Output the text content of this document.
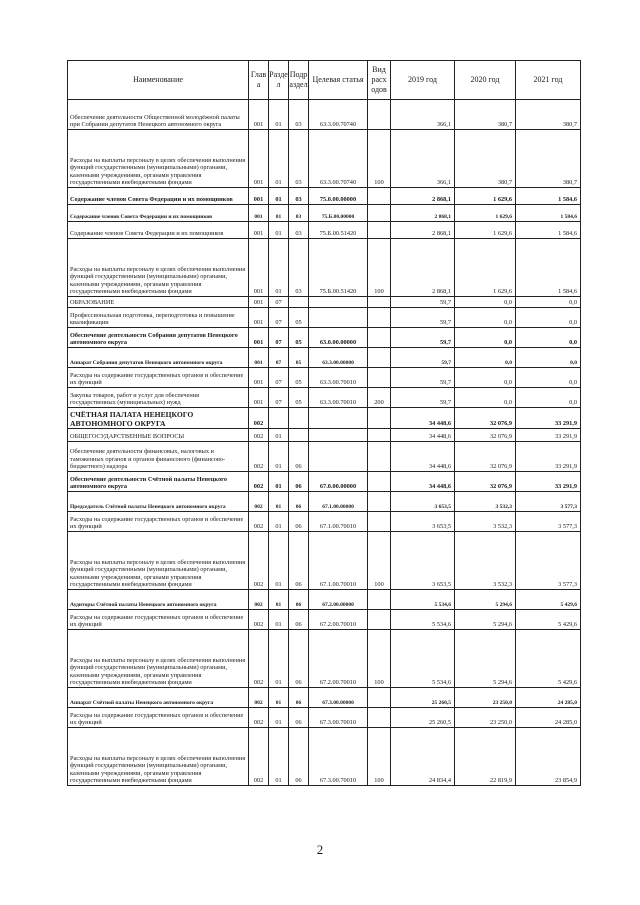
Наименование	Глав а	Разде л	Подр аздел	Целевая статья	Вид расх одов	2019 год	2020 год	2021 год
Обеспечение деятельности Общественной молодёжной палаты при Собрании депутатов Ненецкого автономного округа	001	01	03	63.3.00.70740		366,1	380,7	380,7
Расходы на выплаты персоналу в целях обеспечения выполнения функций государственными (муниципальными) органами, казенными учреждениями, органами управления государственными внебюджетными фондами	001	01	03	63.3.00.70740	100	366,1	380,7	380,7
Содержание членов Совета Федерации и их помощников	001	01	03	75.0.00.00000		2 868,1	1 629,6	1 584,6
Содержание членов Совета Федерации и их помощников	001	01	03	75.Б.00.00000		2 868,1	1 629,6	1 584,6
Содержание членов Совета Федерации и их помощников	001	01	03	75.Б.00.51420		2 868,1	1 629,6	1 584,6
Расходы на выплаты персоналу в целях обеспечения выполнения функций государственными (муниципальными) органами, казенными учреждениями, органами управления государственными внебюджетными фондами	001	01	03	75.Б.00.51420	100	2 868,1	1 629,6	1 584,6
ОБРАЗОВАНИЕ	001	07				59,7	0,0	0,0
Профессиональная подготовка, переподготовка и повышение квалификации	001	07	05			59,7	0,0	0,0
Обеспечение деятельности Собрания депутатов Ненецкого автономного округа	001	07	05	63.0.00.00000		59,7	0,0	0,0
Аппарат Собрания депутатов Ненецкого автономного округа	001	07	05	63.3.00.00000		59,7	0,0	0,0
Расходы на содержание государственных органов и обеспечение их функций	001	07	05	63.3.00.70010		59,7	0,0	0,0
Закупка товаров, работ и услуг для обеспечения государственных (муниципальных) нужд	001	07	05	63.3.00.70010	200	59,7	0,0	0,0
СЧЁТНАЯ ПАЛАТА НЕНЕЦКОГО АВТОНОМНОГО ОКРУГА	002					34 448,6	32 076,9	33 291,9
ОБЩЕГОСУДАРСТВЕННЫЕ ВОПРОСЫ	002	01				34 448,6	32 076,9	33 291,9
Обеспечение деятельности финансовых, налоговых и таможенных органов и органов финансового (финансово-бюджетного) надзора	002	01	06			34 448,6	32 076,9	33 291,9
Обеспечение деятельности Счётной палаты Ненецкого автономного округа	002	01	06	67.0.00.00000		34 448,6	32 076,9	33 291,9
Председатель Счётной палаты Ненецкого автономного округа	002	01	06	67.1.00.00000		3 653,5	3 532,3	3 577,3
Расходы на содержание государственных органов и обеспечение их функций	002	01	06	67.1.00.70010		3 653,5	3 532,3	3 577,3
Расходы на выплаты персоналу в целях обеспечения выполнения функций государственными (муниципальными) органами, казенными учреждениями, органами управления государственными внебюджетными фондами	002	01	06	67.1.00.70010	100	3 653,5	3 532,3	3 577,3
Аудиторы Счётной палаты Ненецкого автономного округа	002	01	06	67.2.00.00000		5 534,6	5 294,6	5 429,6
Расходы на содержание государственных органов и обеспечение их функций	002	01	06	67.2.00.70010		5 534,6	5 294,6	5 429,6
Расходы на выплаты персоналу в целях обеспечения выполнения функций государственными (муниципальными) органами, казенными учреждениями, органами управления государственными внебюджетными фондами	002	01	06	67.2.00.70010	100	5 534,6	5 294,6	5 429,6
Аппарат Счётной палаты Ненецкого автономного округа	002	01	06	67.3.00.00000		25 260,5	23 250,0	24 285,0
Расходы на содержание государственных органов и обеспечение их функций	002	01	06	67.3.00.70010		25 260,5	23 250,0	24 285,0
Расходы на выплаты персоналу в целях обеспечения выполнения функций государственными (муниципальными) органами, казенными учреждениями, органами управления государственными внебюджетными фондами	002	01	06	67.3.00.70010	100	24 834,4	22 819,9	23 854,9
2
